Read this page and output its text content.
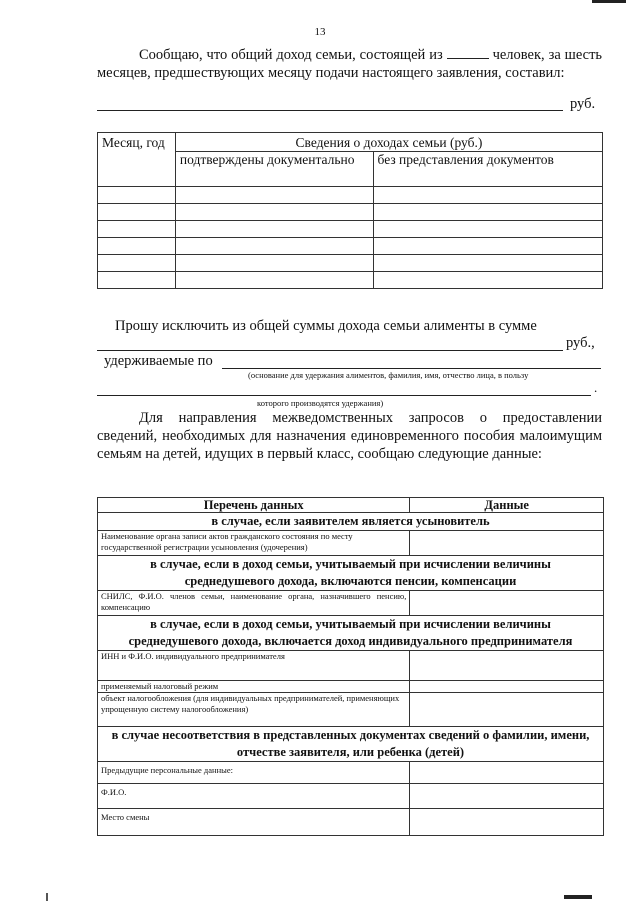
13
Сообщаю, что общий доход семьи, состоящей из	человек, за шесть месяцев, предшествующих месяцу подачи настоящего заявления, составил:
руб.
Месяц, год	Сведения о доходах семьи (руб.)	
	подтверждены документально	без представления документов

Прошу исключить из общей суммы дохода семьи алименты в сумме
руб.,
удерживаемые по
(основание для удержания алиментов, фамилия, имя, отчество лица, в пользу
.
которого производятся удержания)
Для направления межведомственных запросов о предоставлении сведений, необходимых для назначения единовременного пособия малоимущим семьям на детей, идущих в первый класс, сообщаю следующие данные:
Перечень данных	Данные
в случае, если заявителем является усыновитель	
Наименование органа записи актов гражданского состояния по месту государственной регистрации усыновления (удочерения)	
в случае, если в доход семьи, учитываемый при исчислении величины среднедушевого дохода, включаются пенсии, компенсации	
СНИЛС, Ф.И.О. членов семьи, наименование органа, назначившего пенсию, компенсацию	
в случае, если в доход семьи, учитываемый при исчислении величины среднедушевого дохода, включается доход индивидуального предпринимателя	
ИНН и Ф.И.О. индивидуального предпринимателя	
применяемый налоговый режим	
объект налогообложения (для индивидуальных предпринимателей, применяющих упрощенную систему налогообложения)	
в случае несоответствия в представленных документах сведений о фамилии, имени, отчестве заявителя, или ребенка (детей)	
Предыдущие персональные данные:	
Ф.И.О.	
Место смены	
